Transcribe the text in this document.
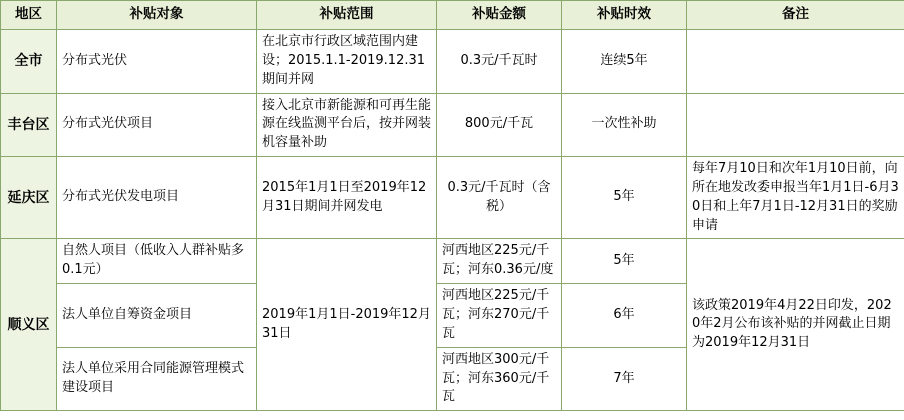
地区	补贴对象	补贴范围	补贴金额	补贴时效	备注
全市	分布式光伏	在北京市行政区域范围内建设；2015.1.1-2019.12.31期间并网	0.3元/千瓦时	连续5年	
丰台区	分布式光伏项目	接入北京市新能源和可再生能源在线监测平台后，按并网装机容量补助	800元/千瓦	一次性补助	
延庆区	分布式光伏发电项目	2015年1月1日至2019年12月31日期间并网发电	0.3元/千瓦时（含税）	5年	每年7月10日和次年1月10日前，向所在地发改委申报当年1月1日-6月30日和上年7月1日-12月31日的奖励申请
顺义区	自然人项目（低收入人群补贴多0.1元）	2019年1月1日-2019年12月31日	河西地区225元/千瓦；河东0.36元/度	5年	该政策2019年4月22日印发，2020年2月公布该补贴的并网截止日期为2019年12月31日
	法人单位自筹资金项目		河西地区225元/千瓦；河东270元/千瓦	6年	
	法人单位采用合同能源管理模式建设项目		河西地区300元/千瓦；河东360元/千瓦	7年	
